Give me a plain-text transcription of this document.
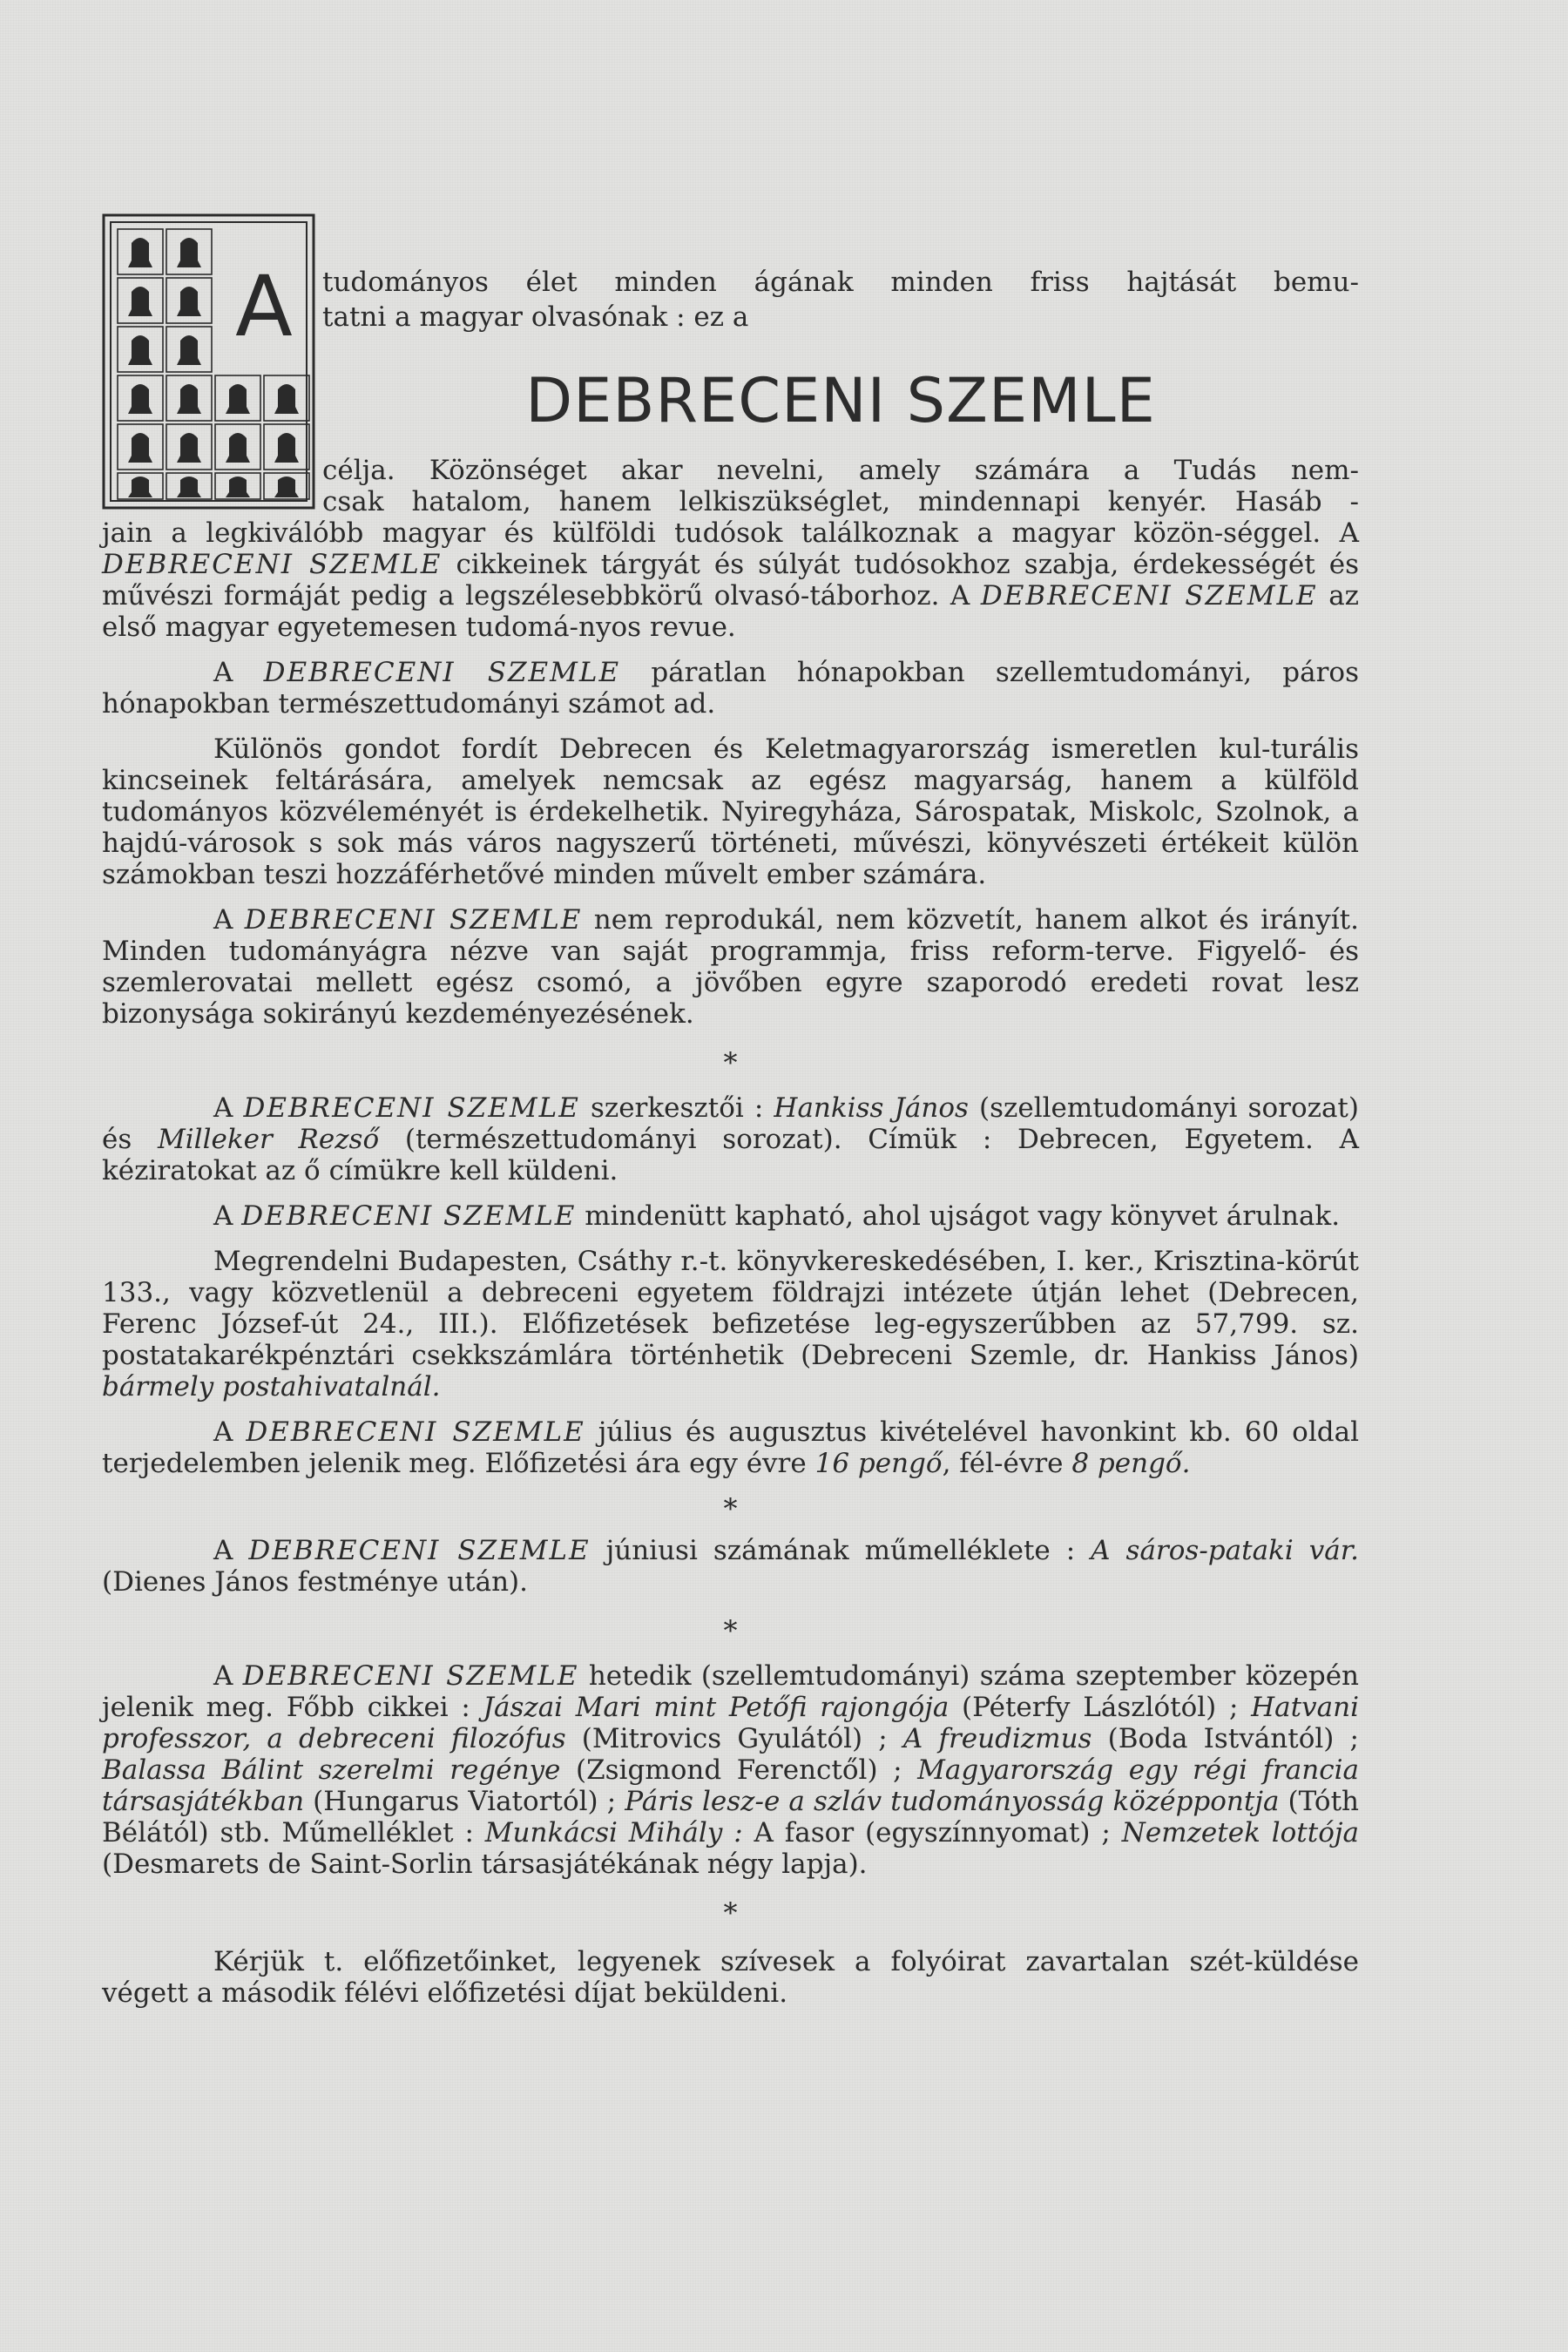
A tudományos élet minden ágának minden friss hajtását bemu-

tatni a magyar olvasónak : ez a

DEBRECENI SZEMLE

célja. Közönséget akar nevelni, amely számára a Tudás nem-

csak hatalom, hanem lelkiszükséglet, mindennapi kenyér. Hasáb -

jain a legkiválóbb magyar és külföldi tudósok találkoznak a magyar közön-séggel. A DEBRECENI SZEMLE cikkeinek tárgyát és súlyát tudósokhoz szabja, érdekességét és művészi formáját pedig a legszélesebbkörű olvasó-táborhoz. A DEBRECENI SZEMLE az első magyar egyetemesen tudomá-nyos revue.

A DEBRECENI SZEMLE páratlan hónapokban szellemtudományi, páros hónapokban természettudományi számot ad.

Különös gondot fordít Debrecen és Keletmagyarország ismeretlen kul-turális kincseinek feltárására, amelyek nemcsak az egész magyarság, hanem a külföld tudományos közvéleményét is érdekelhetik. Nyiregyháza, Sárospatak, Miskolc, Szolnok, a hajdú-városok s sok más város nagyszerű történeti, művészi, könyvészeti értékeit külön számokban teszi hozzáférhetővé minden művelt ember számára.

A DEBRECENI SZEMLE nem reprodukál, nem közvetít, hanem alkot és irányít. Minden tudományágra nézve van saját programmja, friss reform-terve. Figyelő- és szemlerovatai mellett egész csomó, a jövőben egyre szaporodó eredeti rovat lesz bizonysága sokirányú kezdeményezésének.

*

A DEBRECENI SZEMLE szerkesztői : Hankiss János (szellemtudományi sorozat) és Milleker Rezső (természettudományi sorozat). Címük : Debrecen, Egyetem. A kéziratokat az ő címükre kell küldeni.

A DEBRECENI SZEMLE mindenütt kapható, ahol ujságot vagy könyvet árulnak.

Megrendelni Budapesten, Csáthy r.-t. könyvkereskedésében, I. ker., Krisztina-körút 133., vagy közvetlenül a debreceni egyetem földrajzi intézete útján lehet (Debrecen, Ferenc József-út 24., III.). Előfizetések befizetése leg-egyszerűbben az 57,799. sz. postatakarékpénztári csekkszámlára történhetik (Debreceni Szemle, dr. Hankiss János) bármely postahivatalnál.

A DEBRECENI SZEMLE július és augusztus kivételével havonkint kb. 60 oldal terjedelemben jelenik meg. Előfizetési ára egy évre 16 pengő, fél-évre 8 pengő.

*

A DEBRECENI SZEMLE júniusi számának műmelléklete : A sáros-pataki vár. (Dienes János festménye után).

*

A DEBRECENI SZEMLE hetedik (szellemtudományi) száma szeptember közepén jelenik meg. Főbb cikkei : Jászai Mari mint Petőfi rajongója (Péterfy Lászlótól) ; Hatvani professzor, a debreceni filozófus (Mitrovics Gyulától) ; A freudizmus (Boda Istvántól) ; Balassa Bálint szerelmi regénye (Zsigmond Ferenctől) ; Magyarország egy régi francia társasjátékban (Hungarus Viatortól) ; Páris lesz-e a szláv tudományosság középpontja (Tóth Bélától) stb. Műmelléklet : Munkácsi Mihály : A fasor (egyszínnyomat) ; Nemzetek lottója (Desmarets de Saint-Sorlin társasjátékának négy lapja).

*

Kérjük t. előfizetőinket, legyenek szívesek a folyóirat zavartalan szét-küldése végett a második félévi előfizetési díjat beküldeni.
